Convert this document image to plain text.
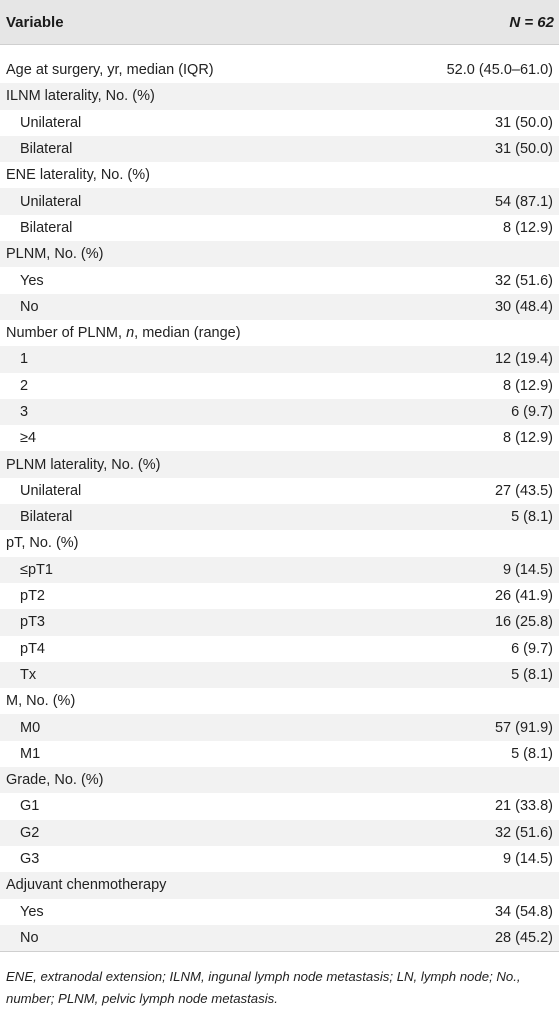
Variable	N = 62
Age at surgery, yr, median (IQR)	52.0 (45.0–61.0)
ILNM laterality, No. (%)
Unilateral	31 (50.0)
Bilateral	31 (50.0)
ENE laterality, No. (%)
Unilateral	54 (87.1)
Bilateral	8 (12.9)
PLNM, No. (%)
Yes	32 (51.6)
No	30 (48.4)
Number of PLNM, n, median (range)
1	12 (19.4)
2	8 (12.9)
3	6 (9.7)
≥4	8 (12.9)
PLNM laterality, No. (%)
Unilateral	27 (43.5)
Bilateral	5 (8.1)
pT, No. (%)
≤pT1	9 (14.5)
pT2	26 (41.9)
pT3	16 (25.8)
pT4	6 (9.7)
Tx	5 (8.1)
M, No. (%)
M0	57 (91.9)
M1	5 (8.1)
Grade, No. (%)
G1	21 (33.8)
G2	32 (51.6)
G3	9 (14.5)
Adjuvant chenmotherapy
Yes	34 (54.8)
No	28 (45.2)
ENE, extranodal extension; ILNM, ingunal lymph node metastasis; LN, lymph node; No., number; PLNM, pelvic lymph node metastasis.
